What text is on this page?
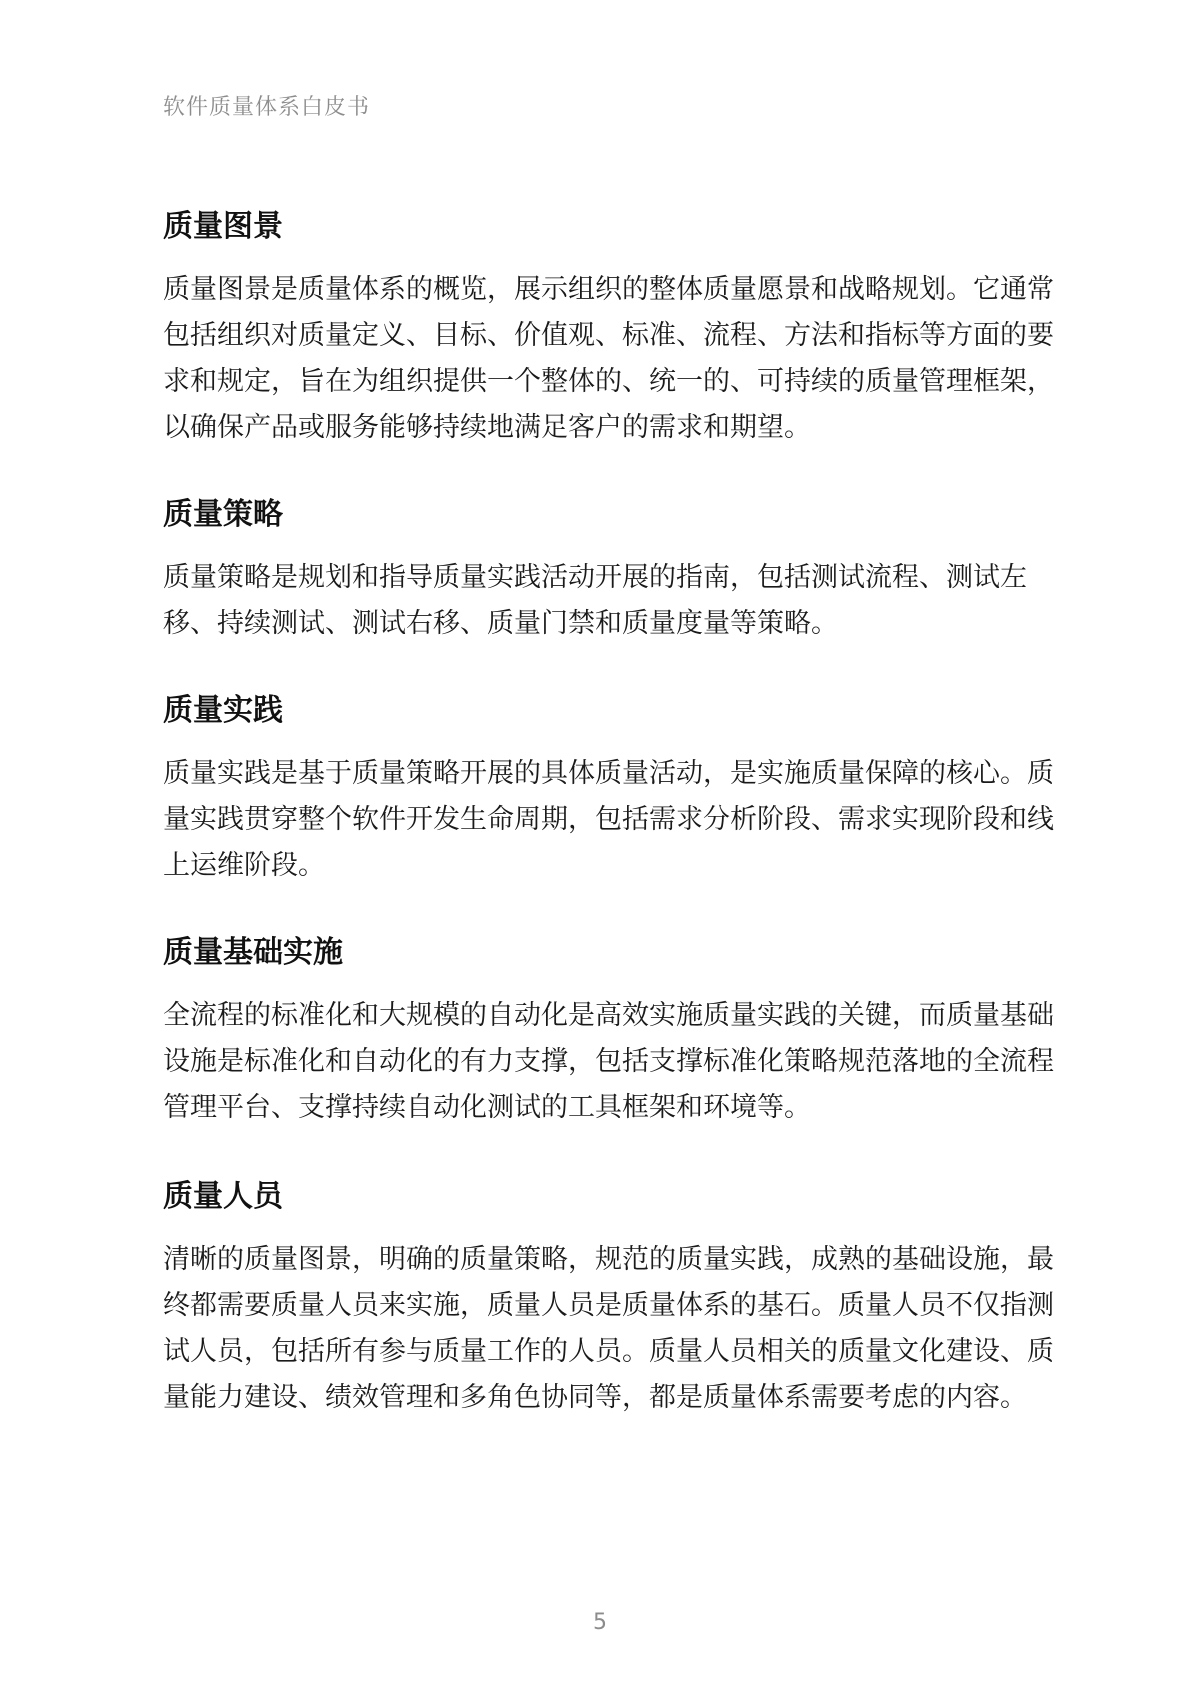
软件质量体系白皮书
质量图景

质量图景是质量体系的概览，展示组织的整体质量愿景和战略规划。它通常包括组织对质量定义、目标、价值观、标准、流程、方法和指标等方面的要求和规定，旨在为组织提供一个整体的、统一的、可持续的质量管理框架，以确保产品或服务能够持续地满足客户的需求和期望。

质量策略

质量策略是规划和指导质量实践活动开展的指南，包括测试流程、测试左移、持续测试、测试右移、质量门禁和质量度量等策略。

质量实践

质量实践是基于质量策略开展的具体质量活动，是实施质量保障的核心。质量实践贯穿整个软件开发生命周期，包括需求分析阶段、需求实现阶段和线上运维阶段。

质量基础实施

全流程的标准化和大规模的自动化是高效实施质量实践的关键，而质量基础设施是标准化和自动化的有力支撑，包括支撑标准化策略规范落地的全流程管理平台、支撑持续自动化测试的工具框架和环境等。

质量人员

清晰的质量图景，明确的质量策略，规范的质量实践，成熟的基础设施，最终都需要质量人员来实施，质量人员是质量体系的基石。质量人员不仅指测试人员，包括所有参与质量工作的人员。质量人员相关的质量文化建设、质量能力建设、绩效管理和多角色协同等，都是质量体系需要考虑的内容。

5
